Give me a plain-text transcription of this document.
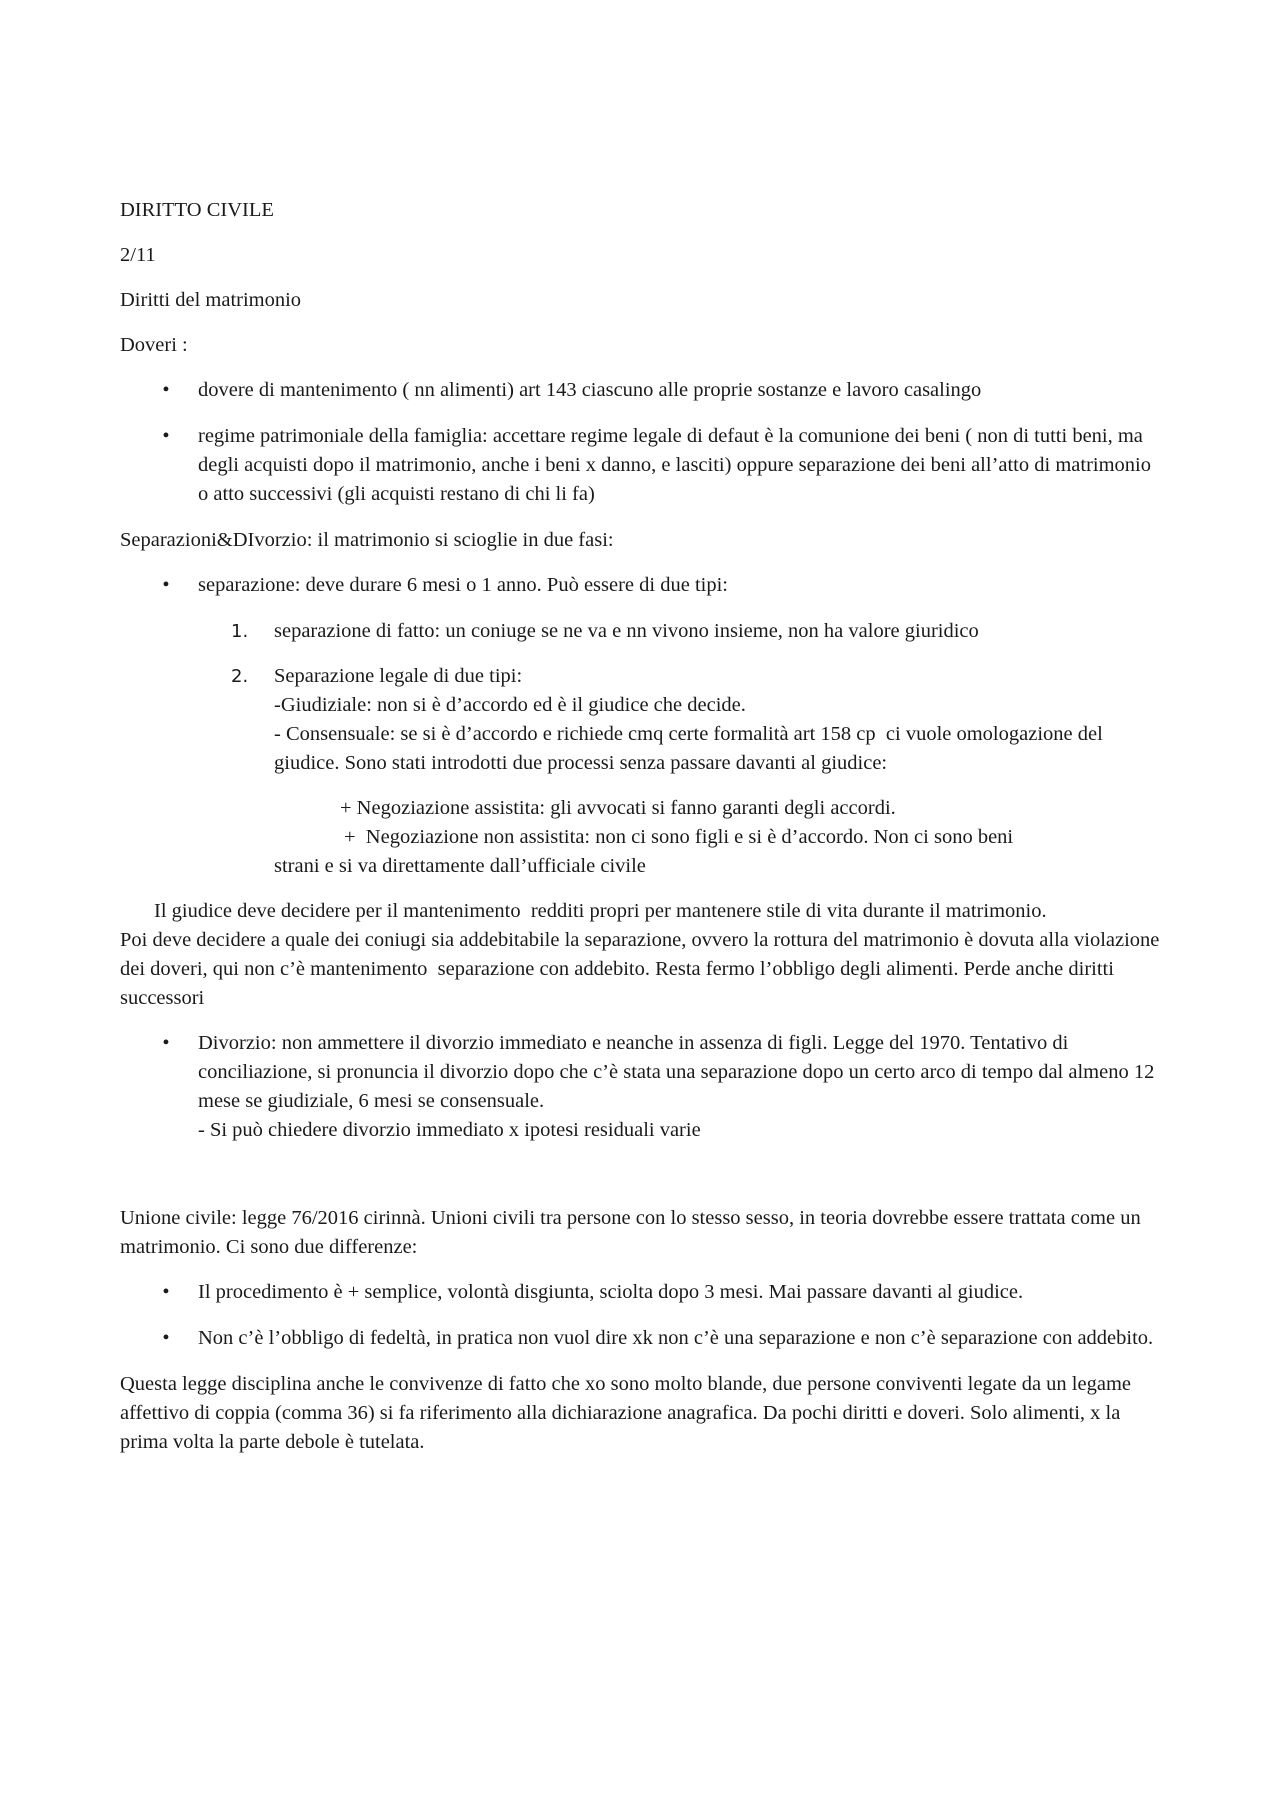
DIRITTO CIVILE

2/11

Diritti del matrimonio

Doveri :

• dovere di mantenimento ( nn alimenti) art 143 ciascuno alle proprie sostanze e lavoro casalingo
• regime patrimoniale della famiglia: accettare regime legale di defaut è la comunione dei beni ( non di tutti beni, ma degli acquisti dopo il matrimonio, anche i beni x danno, e lasciti) oppure separazione dei beni all’atto di matrimonio o atto successivi (gli acquisti restano di chi li fa)

Separazioni&DIvorzio: il matrimonio si scioglie in due fasi:

• separazione: deve durare 6 mesi o 1 anno. Può essere di due tipi:
1. separazione di fatto: un coniuge se ne va e nn vivono insieme, non ha valore giuridico
2. Separazione legale di due tipi:
-Giudiziale: non si è d’accordo ed è il giudice che decide.
- Consensuale: se si è d’accordo e richiede cmq certe formalità art 158 cp  ci vuole omologazione del giudice. Sono stati introdotti due processi senza passare davanti al giudice:
+ Negoziazione assistita: gli avvocati si fanno garanti degli accordi.
+  Negoziazione non assistita: non ci sono figli e si è d’accordo. Non ci sono beni
strani e si va direttamente dall’ufficiale civile

Il giudice deve decidere per il mantenimento  redditi propri per mantenere stile di vita durante il matrimonio.

Poi deve decidere a quale dei coniugi sia addebitabile la separazione, ovvero la rottura del matrimonio è dovuta alla violazione dei doveri, qui non c’è mantenimento  separazione con addebito. Resta fermo l’obbligo degli alimenti. Perde anche diritti successori

• Divorzio: non ammettere il divorzio immediato e neanche in assenza di figli. Legge del 1970. Tentativo di conciliazione, si pronuncia il divorzio dopo che c’è stata una separazione dopo un certo arco di tempo dal almeno 12 mese se giudiziale, 6 mesi se consensuale.
- Si può chiedere divorzio immediato x ipotesi residuali varie

Unione civile: legge 76/2016 cirinnà. Unioni civili tra persone con lo stesso sesso, in teoria dovrebbe essere trattata come un matrimonio. Ci sono due differenze:

• Il procedimento è + semplice, volontà disgiunta, sciolta dopo 3 mesi. Mai passare davanti al giudice.
• Non c’è l’obbligo di fedeltà, in pratica non vuol dire xk non c’è una separazione e non c’è separazione con addebito.

Questa legge disciplina anche le convivenze di fatto che xo sono molto blande, due persone conviventi legate da un legame affettivo di coppia (comma 36) si fa riferimento alla dichiarazione anagrafica. Da pochi diritti e doveri. Solo alimenti, x la prima volta la parte debole è tutelata.
